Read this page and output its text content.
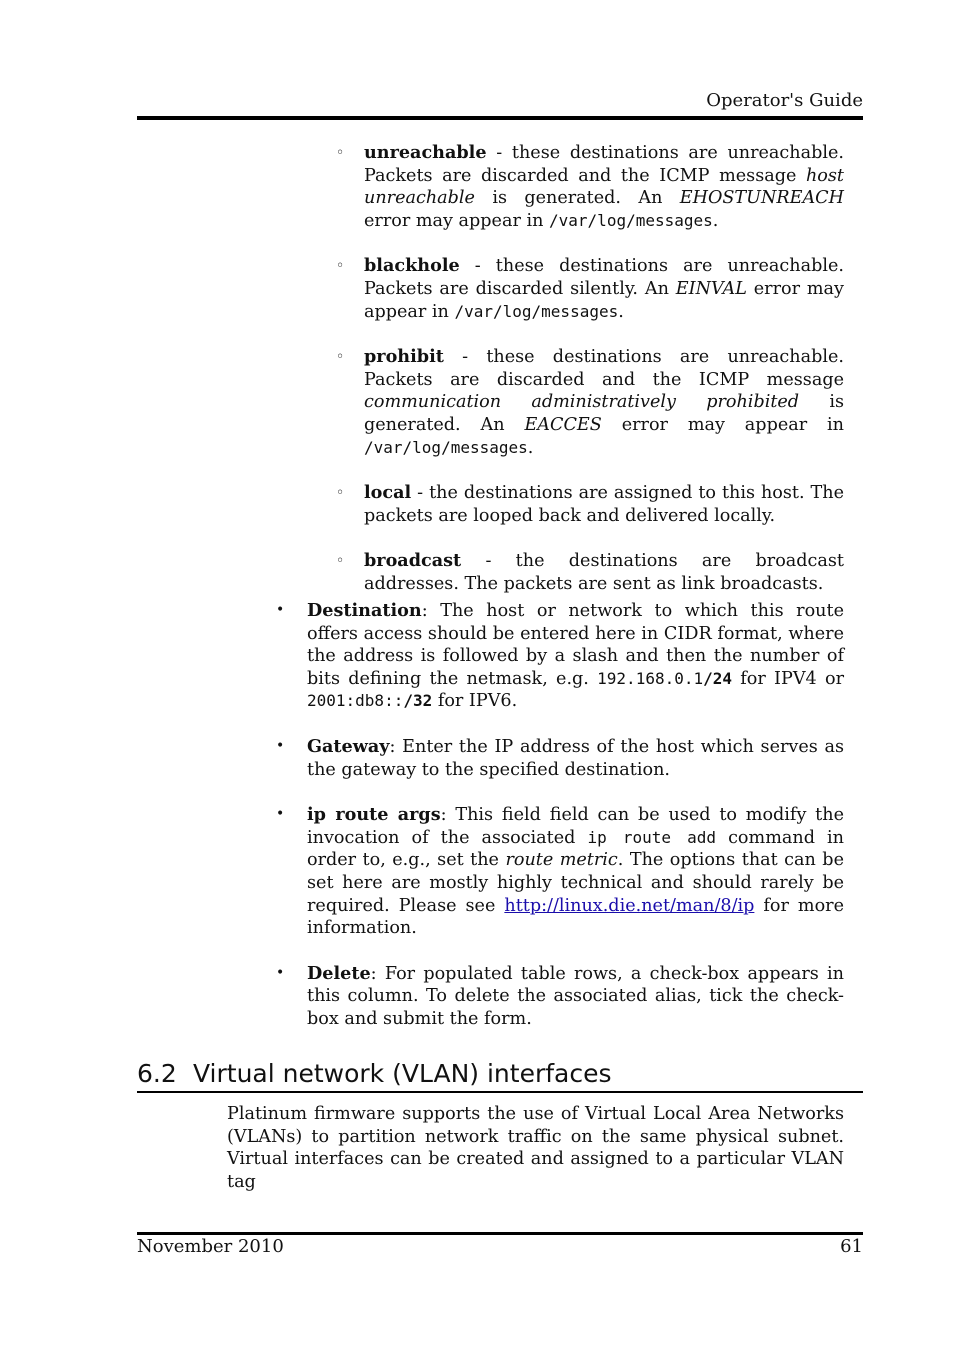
Operator's Guide
◦ unreachable - these destinations are unreachable. Packets are discarded and the ICMP message host unreachable is generated. An EHOSTUNREACH error may appear in /var/log/messages.
◦ blackhole - these destinations are unreachable. Packets are discarded silently. An EINVAL error may appear in /var/log/messages.
◦ prohibit - these destinations are unreachable. Packets are discarded and the ICMP message communication administratively prohibited is generated. An EACCES error may appear in /var/log/messages.
◦ local - the destinations are assigned to this host. The packets are looped back and delivered locally.
◦ broadcast - the destinations are broadcast addresses. The packets are sent as link broadcasts.
• Destination: The host or network to which this route offers access should be entered here in CIDR format, where the address is followed by a slash and then the number of bits defining the netmask, e.g. 192.168.0.1/24 for IPV4 or 2001:db8::/32 for IPV6.
• Gateway: Enter the IP address of the host which serves as the gateway to the specified destination.
• ip route args: This field field can be used to modify the invocation of the associated ip route add command in order to, e.g., set the route metric. The options that can be set here are mostly highly technical and should rarely be required. Please see http://linux.die.net/man/8/ip for more information.
• Delete: For populated table rows, a check-box appears in this column. To delete the associated alias, tick the check-box and submit the form.
6.2 Virtual network (VLAN) interfaces
Platinum firmware supports the use of Virtual Local Area Networks (VLANs) to partition network traffic on the same physical subnet. Virtual interfaces can be created and assigned to a particular VLAN tag
November 2010	61
